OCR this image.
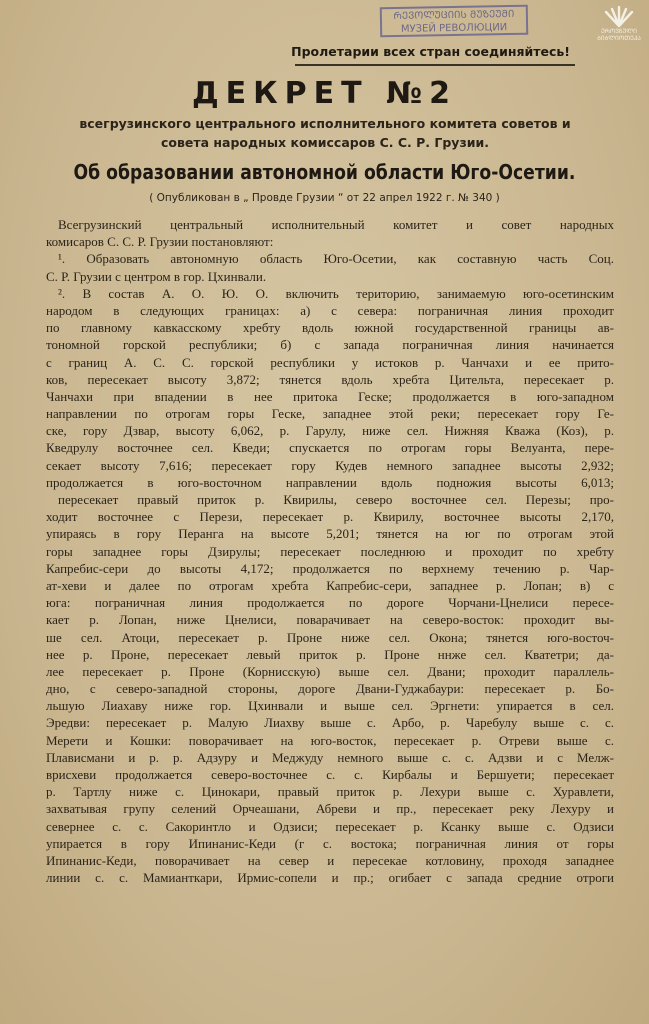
ᲠᲔᲕᲝᲚᲣᲪᲘᲘᲡ ᲛᲣᲖᲔᲣᲛᲘ
МУЗЕЙ РЕВОЛЮЦИИ	ᲔᲠᲝᲕᲜᲣᲚᲘ ᲑᲘᲑᲚᲘᲝᲗᲔᲙᲐ
Пролетарии всех стран соединяйтесь!
ДЕКРЕТ №2
всегрузинского центрального исполнительного комитета советов и
совета народных комиссаров С. С. Р. Грузии.
Об образовании автономной области Юго-Осетии.
( Опубликован в „ Провде Грузии “ от 22 апрел 1922 г. № 340 )
Всегрузинский центральный исполнительный комитет и совет народных
комисаров С. С. Р. Грузии постановляют:
¹. Образовать автономную область Юго-Осетии, как составную часть Соц.
С. Р. Грузии с центром в гор. Цхинвали.
². В состав А. О. Ю. О. включить територию, занимаемую юго-осетинским
народом в следующих границах: а) с севера: пограничная линия проходит
по главному кавкасскому хребту вдоль южной государственной границы ав-
тономной горской республики; б) с запада пограничная линия начинается
с границ А. С. С. горской республики у истоков р. Чанчахи и ее прито-
ков, пересекает высоту 3,872; тянется вдоль хребта Цительта, пересекает р.
Чанчахи при впадении в нее притока Геске; продолжается в юго-западном
направлении по отрогам горы Геске, западнее этой реки; пересекает гору Ге-
ске, гору Дзвар, высоту 6,062, р. Гарулу, ниже сел. Нижняя Кважа (Коз), р.
Кведрулу восточнее сел. Кведи; спускается по отрогам горы Велуанта, пере-
секает высоту 7,616; пересекает гору Кудев немного западнее высоты 2,932;
продолжается в юго-восточном направлении вдоль подножия высоты 6,013;
пересекает правый приток р. Квирилы, северо восточнее сел. Перезы; про-
ходит восточнее с Перези, пересекает р. Квирилу, восточнее высоты 2,170,
упираясь в гору Перанга на высоте 5,201; тянется на юг по отрогам этой
горы западнее горы Дзирулы; пересекает последнюю и проходит по хребту
Капребис-сери до высоты 4,172; продолжается по верхнему течению р. Чар-
ат-хеви и далее по отрогам хребта Капребис-сери, западнее р. Лопан; в) с
юга: пограничная линия продолжается по дороге Чорчани-Цнелиси пересе-
кает р. Лопан, ниже Цнелиси, поварачивает на северо-восток: проходит вы-
ше сел. Атоци, пересекает р. Проне ниже сел. Окона; тянется юго-восточ-
нее р. Проне, пересекает левый приток р. Проне ннже сел. Кватетри; да-
лее пересекает р. Проне (Корнисскую) выше сел. Двани; проходит параллель-
дно, с северо-западной стороны, дороге Двани-Гуджабаури: пересекает р. Бо-
льшую Лиахаву ниже гор. Цхинвали и выше сел. Эргнети: упирается в сел.
Эредви: пересекает р. Малую Лиахву выше с. Арбо, р. Чаребулу выше с. с.
Мерети и Кошки: поворачивает на юго-восток, пересекает р. Отреви выше с.
Плависмани и р. р. Адзуру и Меджуду немного выше с. с. Адзви и с Мелж-
врисхеви продолжается северо-восточнее с. с. Кирбалы и Бершуети; пересекает
р. Тартлу ниже с. Цинокари, правый приток р. Лехури выше с. Хуравлети,
захватывая групу селений Орчеашани, Абреви и пр., пересекает реку Лехуру и
севернее с. с. Сакоринтло и Одзиси; пересекает р. Ксанку выше с. Одзиси
упирается в гору Ипинанис-Кеди (г с. востока; пограничная линия от горы
Ипинанис-Кеди, поворачивает на север и пересекае котловину, проходя западнее
линии с. с. Мамианткари, Ирмис-сопели и пр.; огибает с запада средние отроги
